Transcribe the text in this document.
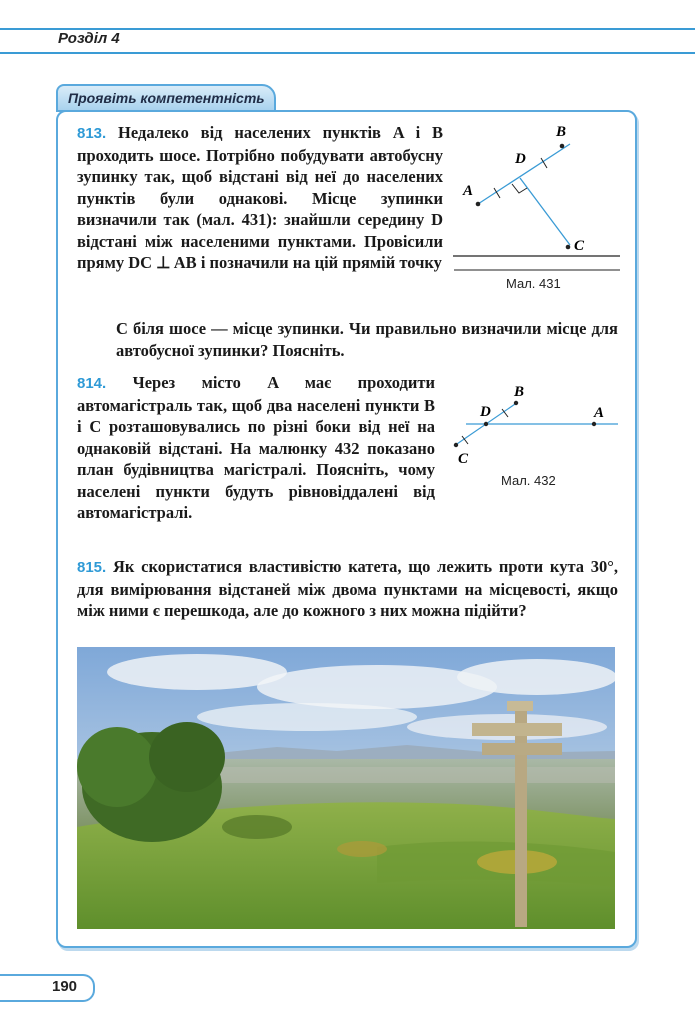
Розділ 4
Проявіть компетентність
813. Недалеко від населених пунктів A і B проходить шосе. Потрібно побудувати автобусну зупинку так, щоб відстані від неї до населених пунктів були однакові. Місце зупинки визначили так (мал. 431): знайшли середину D відстані між населеними пунктами. Провісили пряму DC ⊥ AB і позначили на цій прямій точку
C біля шосе — місце зупинки. Чи правильно визначили місце для автобусної зупинки? Поясніть.
B
D
A
C
Мал. 431
814. Через місто A має проходити автомагістраль так, щоб два населені пункти B і C розташовувались по різні боки від неї на однаковій відстані. На малюнку 432 показано план будівництва магістралі. Поясніть, чому населені пункти будуть рівновіддалені від автомагістралі.
B
D	A
C
Мал. 432
815. Як скористатися властивістю катета, що лежить проти кута 30°, для вимірювання відстаней між двома пунктами на місцевості, якщо між ними є перешкода, але до кожного з них можна підійти?
190
